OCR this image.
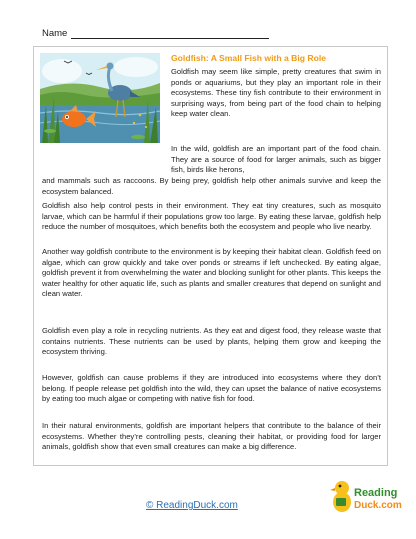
Name
Goldfish: A Small Fish with a Big Role

Goldfish may seem like simple, pretty creatures that swim in ponds or aquariums, but they play an important role in their ecosystems. These tiny fish contribute to their environment in surprising ways, from being part of the food chain to helping keep water clean.

In the wild, goldfish are an important part of the food chain. They are a source of food for larger animals, such as bigger fish, birds like herons,

and mammals such as raccoons. By being prey, goldfish help other animals survive and keep the ecosystem balanced.

Goldfish also help control pests in their environment. They eat tiny creatures, such as mosquito larvae, which can be harmful if their populations grow too large. By eating these larvae, goldfish help reduce the number of mosquitoes, which benefits both the ecosystem and people who live nearby.

Another way goldfish contribute to the environment is by keeping their habitat clean. Goldfish feed on algae, which can grow quickly and take over ponds or streams if left unchecked. By eating algae, goldfish prevent it from overwhelming the water and blocking sunlight for other plants. This keeps the water healthy for other aquatic life, such as plants and smaller creatures that depend on sunlight and clean water.

Goldfish even play a role in recycling nutrients. As they eat and digest food, they release waste that contains nutrients. These nutrients can be used by plants, helping them grow and keeping the ecosystem thriving.

However, goldfish can cause problems if they are introduced into ecosystems where they don’t belong. If people release pet goldfish into the wild, they can upset the balance of native ecosystems by eating too much algae or competing with native fish for food.

In their natural environments, goldfish are important helpers that contribute to the balance of their ecosystems. Whether they’re controlling pests, cleaning their habitat, or providing food for larger animals, goldfish show that even small creatures can make a big difference.

© ReadingDuck.com
Reading
Duck.com
